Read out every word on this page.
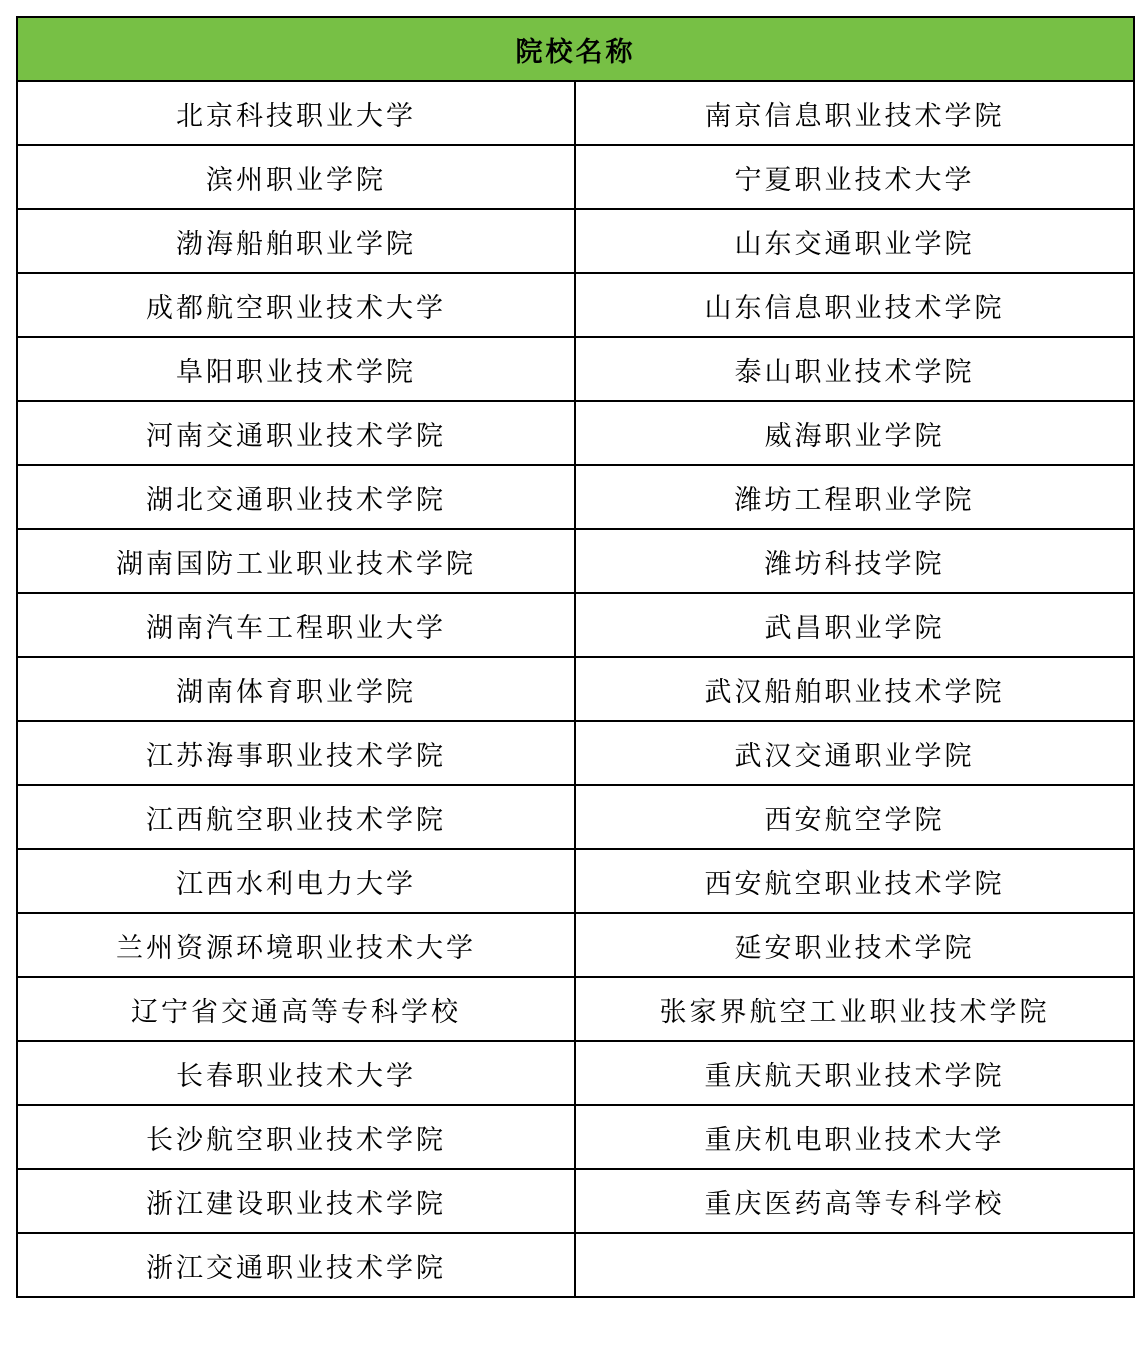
院校名称	
北京科技职业大学	南京信息职业技术学院
滨州职业学院	宁夏职业技术大学
渤海船舶职业学院	山东交通职业学院
成都航空职业技术大学	山东信息职业技术学院
阜阳职业技术学院	泰山职业技术学院
河南交通职业技术学院	威海职业学院
湖北交通职业技术学院	潍坊工程职业学院
湖南国防工业职业技术学院	潍坊科技学院
湖南汽车工程职业大学	武昌职业学院
湖南体育职业学院	武汉船舶职业技术学院
江苏海事职业技术学院	武汉交通职业学院
江西航空职业技术学院	西安航空学院
江西水利电力大学	西安航空职业技术学院
兰州资源环境职业技术大学	延安职业技术学院
辽宁省交通高等专科学校	张家界航空工业职业技术学院
长春职业技术大学	重庆航天职业技术学院
长沙航空职业技术学院	重庆机电职业技术大学
浙江建设职业技术学院	重庆医药高等专科学校
浙江交通职业技术学院	
